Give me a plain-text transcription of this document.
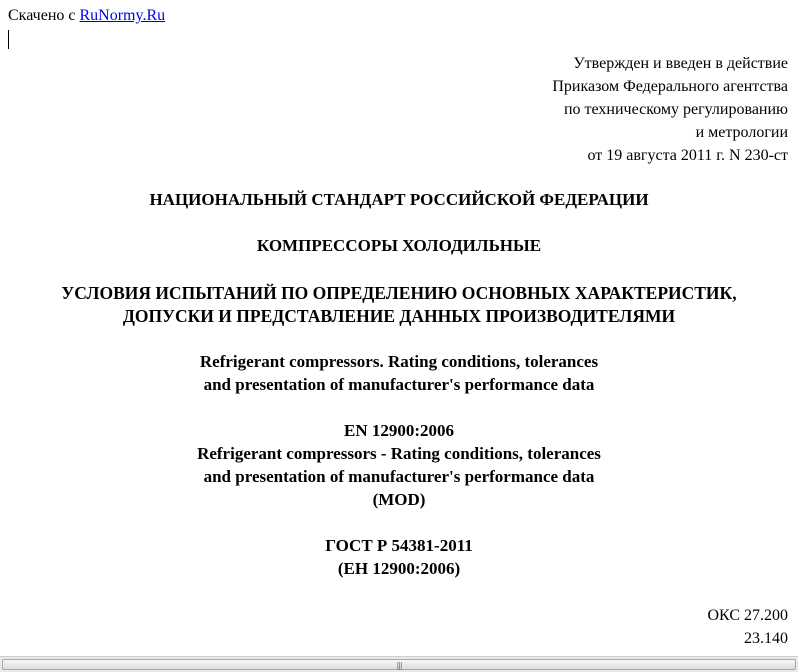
Скачено с RuNormy.Ru
Утвержден и введен в действие
Приказом Федерального агентства
по техническому регулированию
и метрологии
от 19 августа 2011 г. N 230-ст
НАЦИОНАЛЬНЫЙ СТАНДАРТ РОССИЙСКОЙ ФЕДЕРАЦИИ
КОМПРЕССОРЫ ХОЛОДИЛЬНЫЕ
УСЛОВИЯ ИСПЫТАНИЙ ПО ОПРЕДЕЛЕНИЮ ОСНОВНЫХ ХАРАКТЕРИСТИК,
ДОПУСКИ И ПРЕДСТАВЛЕНИЕ ДАННЫХ ПРОИЗВОДИТЕЛЯМИ
Refrigerant compressors. Rating conditions, tolerances
and presentation of manufacturer's performance data
EN 12900:2006
Refrigerant compressors - Rating conditions, tolerances
and presentation of manufacturer's performance data
(MOD)
ГОСТ Р 54381-2011
(ЕН 12900:2006)
ОКС 27.200
23.140
|||
